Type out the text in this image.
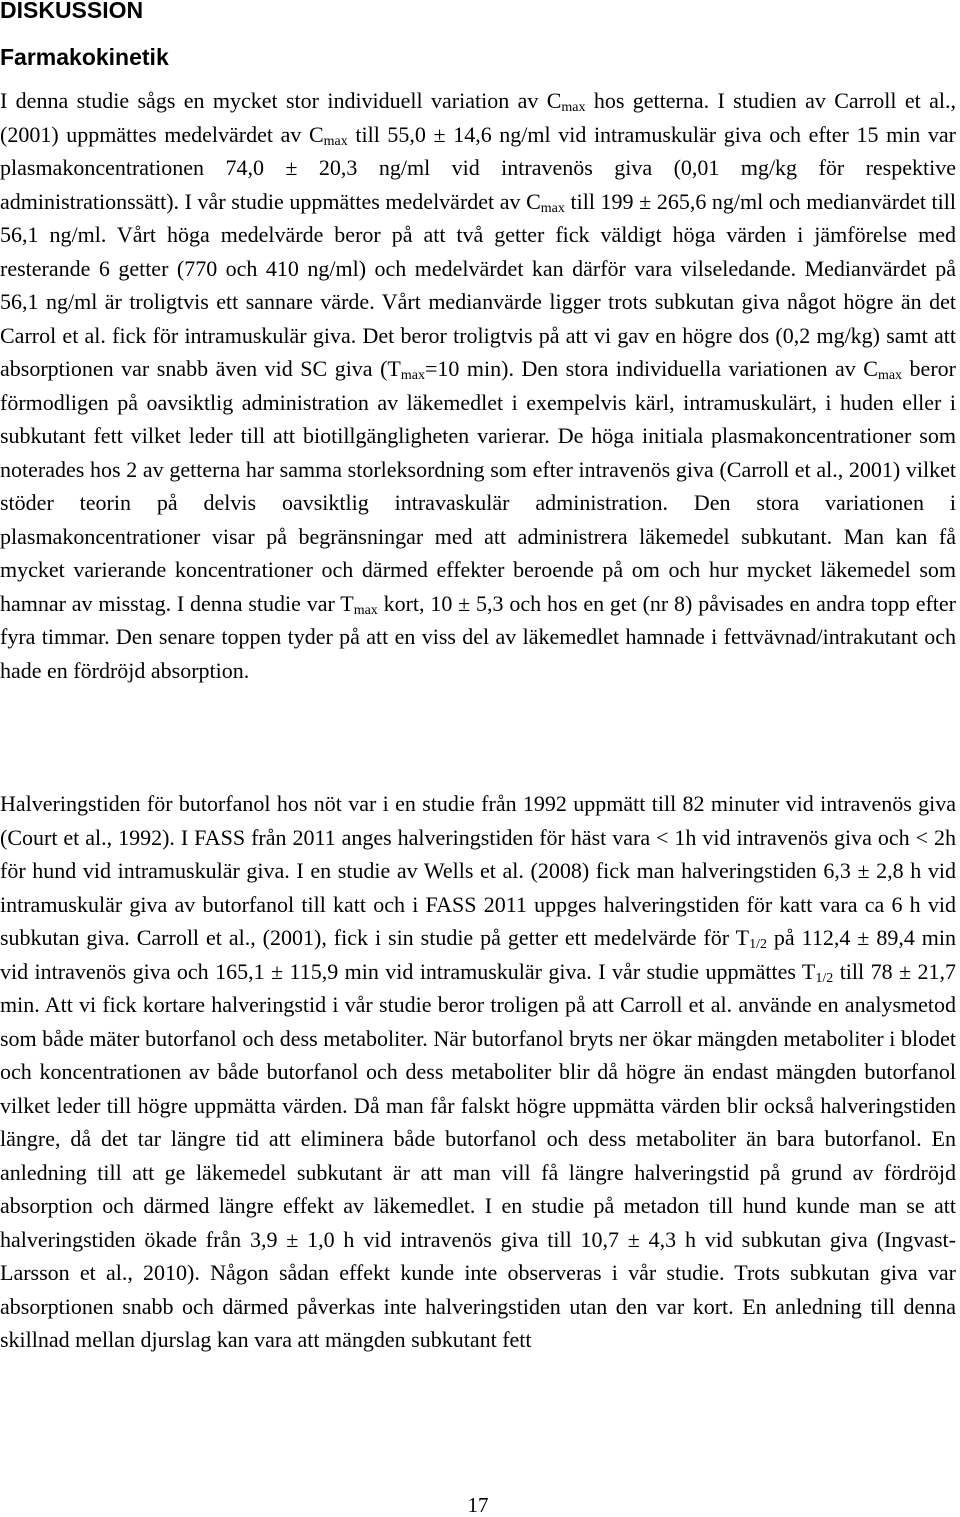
DISKUSSION
Farmakokinetik

I denna studie sågs en mycket stor individuell variation av $C_{max}$ hos getterna. I studien av Carroll et al.,(2001) uppmättes medelvärdet av $C_{max}$ till 55,0 ± 14,6 ng/ml vid intramuskulär giva och efter 15 min var plasmakoncentrationen 74,0 ± 20,3 ng/ml vid intravenös giva (0,01 mg/kg för respektive administrationssätt). I vår studie uppmättes medelvärdet av $C_{max}$ till 199 ± 265,6 ng/ml och medianvärdet till 56,1 ng/ml. Vårt höga medelvärde beror på att två getter fick väldigt höga värden i jämförelse med resterande 6 getter (770 och 410 ng/ml) och medelvärdet kan därför vara vilseledande. Medianvärdet på 56,1 ng/ml är troligtvis ett sannare värde. Vårt medianvärde ligger trots subkutan giva något högre än det Carrol et al. fick för intramuskulär giva. Det beror troligtvis på att vi gav en högre dos (0,2 mg/kg) samt att absorptionen var snabb även vid SC giva ($T_{max}=10$ min). Den stora individuella variationen av $C_{max}$ beror förmodligen på oavsiktlig administration av läkemedlet i exempelvis kärl, intramuskulärt, i huden eller i subkutant fett vilket leder till att biotillgängligheten varierar. De höga initiala plasmakoncentrationer som noterades hos 2 av getterna har samma storleksordning som efter intravenös giva (Carroll et al., 2001) vilket stöder teorin på delvis oavsiktlig intravaskulär administration. Den stora variationen i plasmakoncentrationer visar på begränsningar med att administrera läkemedel subkutant. Man kan få mycket varierande koncentrationer och därmed effekter beroende på om och hur mycket läkemedel som hamnar av misstag. I denna studie var $T_{max}$ kort, 10 ± 5,3 och hos en get (nr 8) påvisades en andra topp efter fyra timmar. Den senare toppen tyder på att en viss del av läkemedlet hamnade i fettvävnad/intrakutant och hade en fördröjd absorption.

Halveringstiden för butorfanol hos nöt var i en studie från 1992 uppmätt till 82 minuter vid intravenös giva (Court et al., 1992). I FASS från 2011 anges halveringstiden för häst vara < 1h vid intravenös giva och < 2h för hund vid intramuskulär giva. I en studie av Wells et al. (2008) fick man halveringstiden 6,3 ± 2,8 h vid intramuskulär giva av butorfanol till katt och i FASS 2011 uppges halveringstiden för katt vara ca 6 h vid subkutan giva. Carroll et al., (2001), fick i sin studie på getter ett medelvärde för $T_{1/2}$ på 112,4 ± 89,4 min vid intravenös giva och 165,1 ± 115,9 min vid intramuskulär giva. I vår studie uppmättes $T_{1/2}$ till 78 ± 21,7 min. Att vi fick kortare halveringstid i vår studie beror troligen på att Carroll et al. använde en analysmetod som både mäter butorfanol och dess metaboliter. När butorfanol bryts ner ökar mängden metaboliter i blodet och koncentrationen av både butorfanol och dess metaboliter blir då högre än endast mängden butorfanol vilket leder till högre uppmätta värden. Då man får falskt högre uppmätta värden blir också halveringstiden längre, då det tar längre tid att eliminera både butorfanol och dess metaboliter än bara butorfanol. En anledning till att ge läkemedel subkutant är att man vill få längre halveringstid på grund av fördröjd absorption och därmed längre effekt av läkemedlet. I en studie på metadon till hund kunde man se att halveringstiden ökade från 3,9 ± 1,0 h vid intravenös giva till 10,7 ± 4,3 h vid subkutan giva (Ingvast- Larsson et al., 2010). Någon sådan effekt kunde inte observeras i vår studie. Trots subkutan giva var absorptionen snabb och därmed påverkas inte halveringstiden utan den var kort. En anledning till denna skillnad mellan djurslag kan vara att mängden subkutant fett

17
